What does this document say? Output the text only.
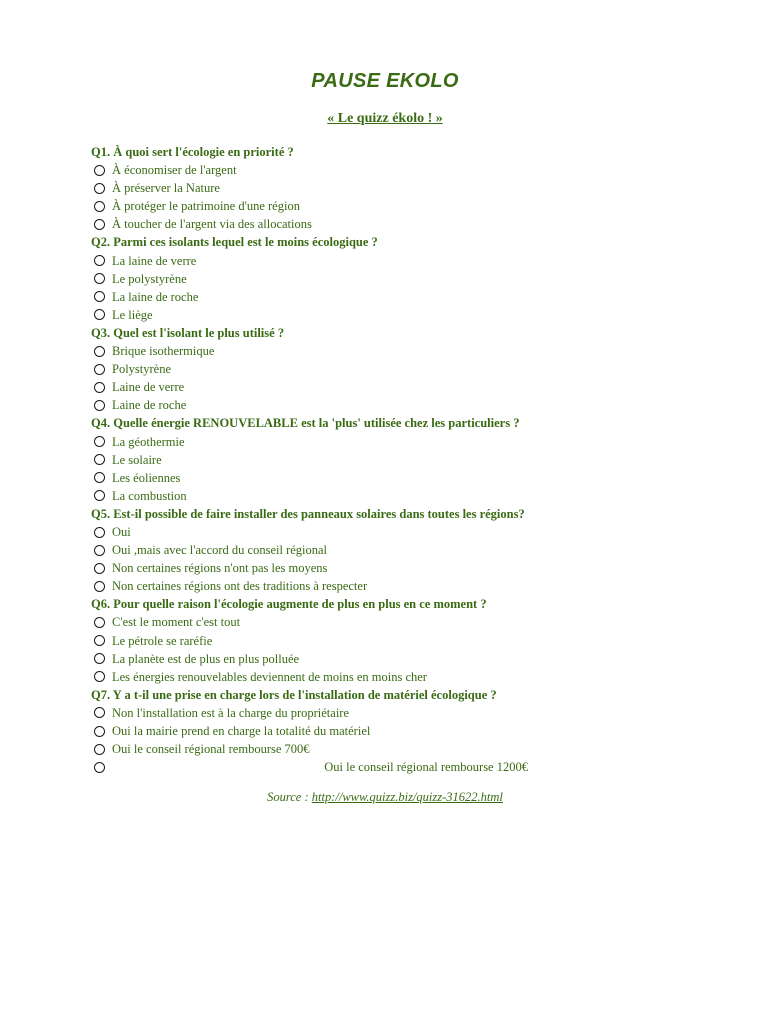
PAUSE EKOLO
« Le quizz ékolo ! »
Q1. À quoi sert l'écologie en priorité ?
À économiser de l'argent
À préserver la Nature
À protéger le patrimoine d'une région
À toucher de l'argent via des allocations
Q2. Parmi ces isolants lequel est le moins écologique ?
La laine de verre
Le polystyrène
La laine de roche
Le liège
Q3. Quel est l'isolant le plus utilisé ?
Brique isothermique
Polystyrène
Laine de verre
Laine de roche
Q4. Quelle énergie RENOUVELABLE est la 'plus' utilisée chez les particuliers ?
La géothermie
Le solaire
Les éoliennes
La combustion
Q5. Est-il possible de faire installer des panneaux solaires dans toutes les régions?
Oui
Oui ,mais avec l'accord du conseil régional
Non certaines régions n'ont pas les moyens
Non certaines régions ont des traditions à respecter
Q6. Pour quelle raison l'écologie augmente de plus en plus en ce moment ?
C'est le moment c'est tout
Le pétrole se raréfie
La planète est de plus en plus polluée
Les énergies renouvelables deviennent de moins en moins cher
Q7. Y a t-il une prise en charge lors de l'installation de matériel écologique ?
Non l'installation est à la charge du propriétaire
Oui la mairie prend en charge la totalité du matériel
Oui le conseil régional rembourse 700€
Oui le conseil régional rembourse 1200€
Source : http://www.quizz.biz/quizz-31622.html
